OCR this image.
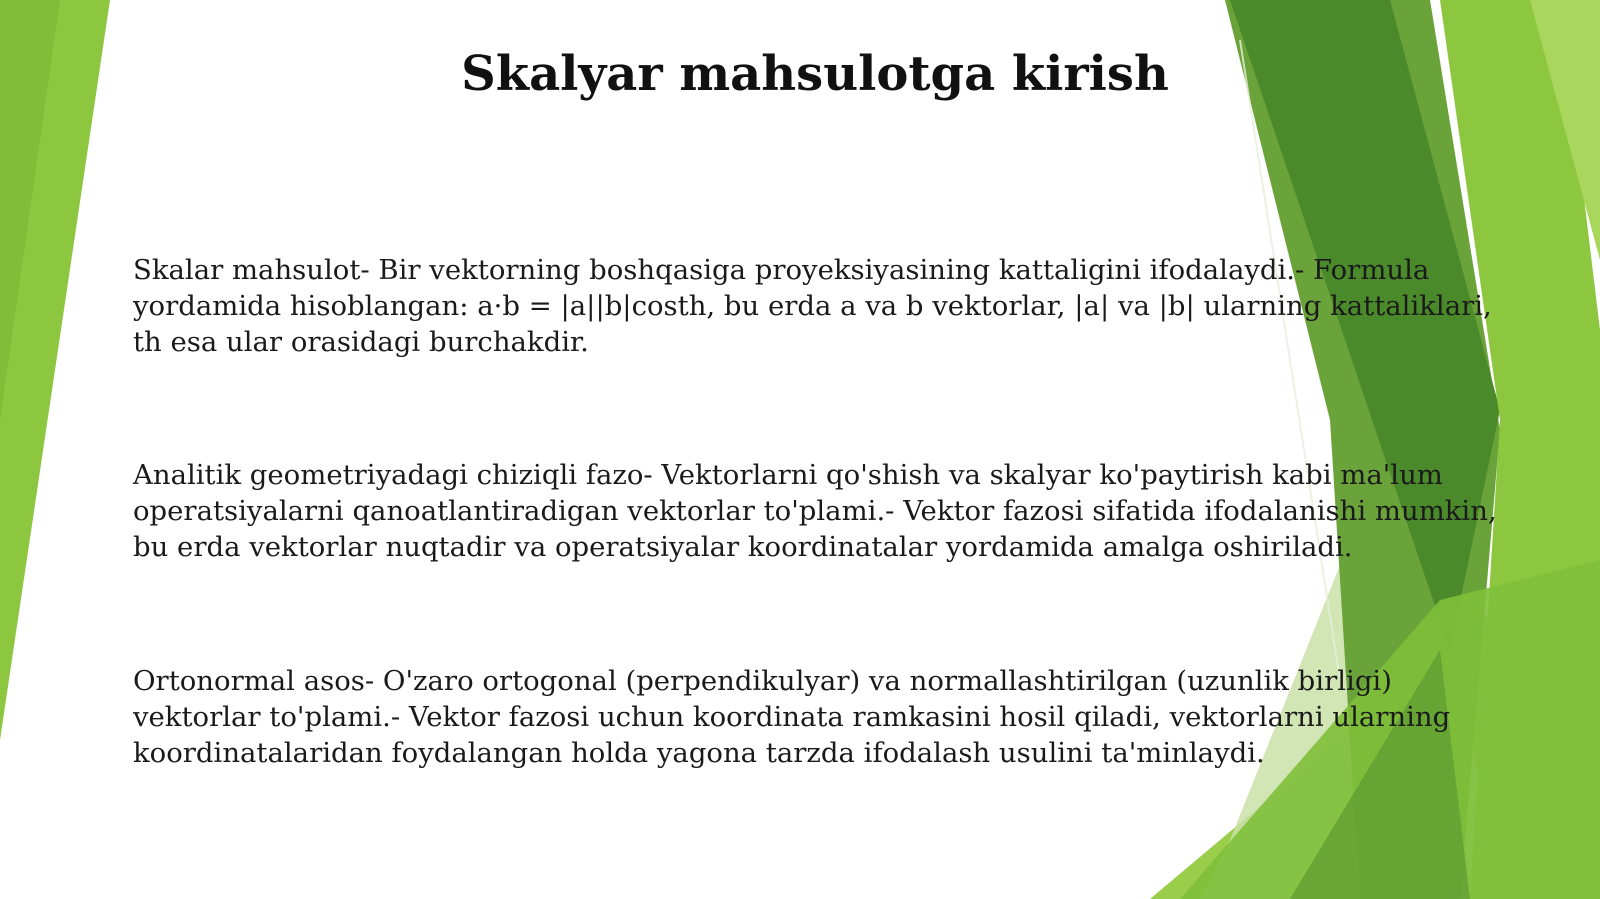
Skalyar mahsulotga kirish

Skalar mahsulot- Bir vektorning boshqasiga proyeksiyasining kattaligini ifodalaydi.- Formula yordamida hisoblangan: a·b = |a||b|costh, bu erda a va b vektorlar, |a| va |b| ularning kattaliklari, th esa ular orasidagi burchakdir.

Analitik geometriyadagi chiziqli fazo- Vektorlarni qo'shish va skalyar ko'paytirish kabi ma'lum operatsiyalarni qanoatlantiradigan vektorlar to'plami.- Vektor fazosi sifatida ifodalanishi mumkin, bu erda vektorlar nuqtadir va operatsiyalar koordinatalar yordamida amalga oshiriladi.

Ortonormal asos- O'zaro ortogonal (perpendikulyar) va normallashtirilgan (uzunlik birligi) vektorlar to'plami.- Vektor fazosi uchun koordinata ramkasini hosil qiladi, vektorlarni ularning koordinatalaridan foydalangan holda yagona tarzda ifodalash usulini ta'minlaydi.
